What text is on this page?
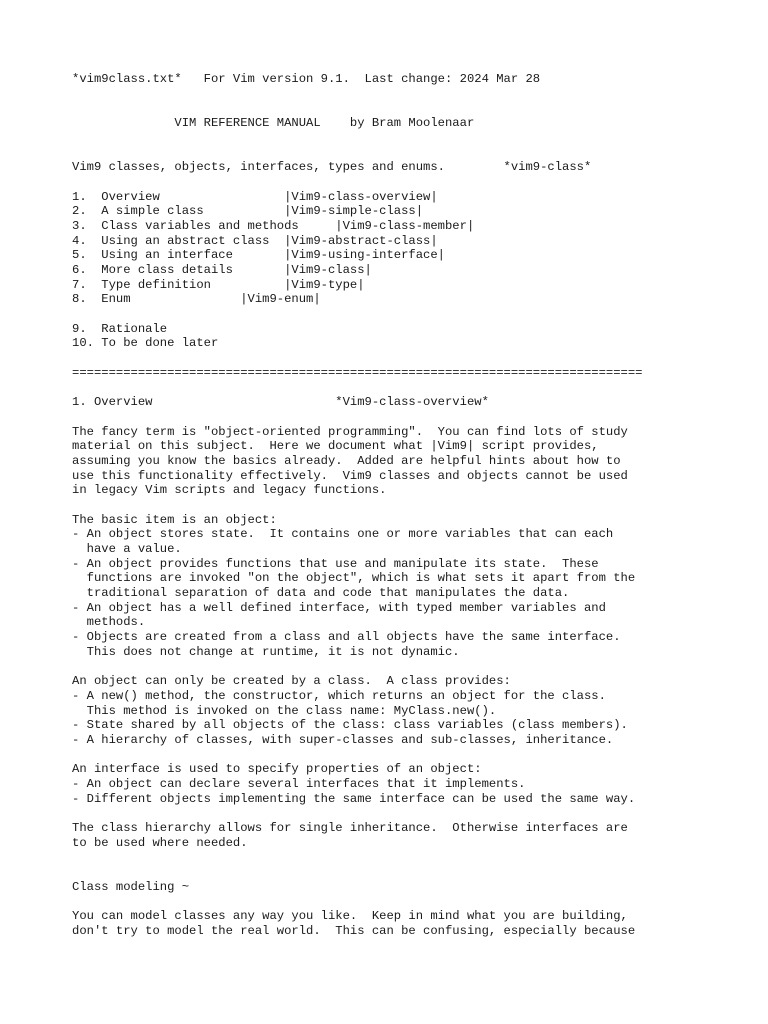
*vim9class.txt*   For Vim version 9.1.  Last change: 2024 Mar 28
VIM REFERENCE MANUAL    by Bram Moolenaar
Vim9 classes, objects, interfaces, types and enums.        *vim9-class*
1.  Overview                 |Vim9-class-overview|
2.  A simple class           |Vim9-simple-class|
3.  Class variables and methods     |Vim9-class-member|
4.  Using an abstract class  |Vim9-abstract-class|
5.  Using an interface       |Vim9-using-interface|
6.  More class details       |Vim9-class|
7.  Type definition          |Vim9-type|
8.  Enum               |Vim9-enum|
9.  Rationale
10. To be done later
==============================================================================
1. Overview                         *Vim9-class-overview*
The fancy term is "object-oriented programming".  You can find lots of study
material on this subject.  Here we document what |Vim9| script provides,
assuming you know the basics already.  Added are helpful hints about how to
use this functionality effectively.  Vim9 classes and objects cannot be used
in legacy Vim scripts and legacy functions.
The basic item is an object:
- An object stores state.  It contains one or more variables that can each
have a value.
- An object provides functions that use and manipulate its state.  These
functions are invoked "on the object", which is what sets it apart from the
traditional separation of data and code that manipulates the data.
- An object has a well defined interface, with typed member variables and
methods.
- Objects are created from a class and all objects have the same interface.
This does not change at runtime, it is not dynamic.
An object can only be created by a class.  A class provides:
- A new() method, the constructor, which returns an object for the class.
This method is invoked on the class name: MyClass.new().
- State shared by all objects of the class: class variables (class members).
- A hierarchy of classes, with super-classes and sub-classes, inheritance.
An interface is used to specify properties of an object:
- An object can declare several interfaces that it implements.
- Different objects implementing the same interface can be used the same way.
The class hierarchy allows for single inheritance.  Otherwise interfaces are
to be used where needed.
Class modeling ~
You can model classes any way you like.  Keep in mind what you are building,
don't try to model the real world.  This can be confusing, especially because
